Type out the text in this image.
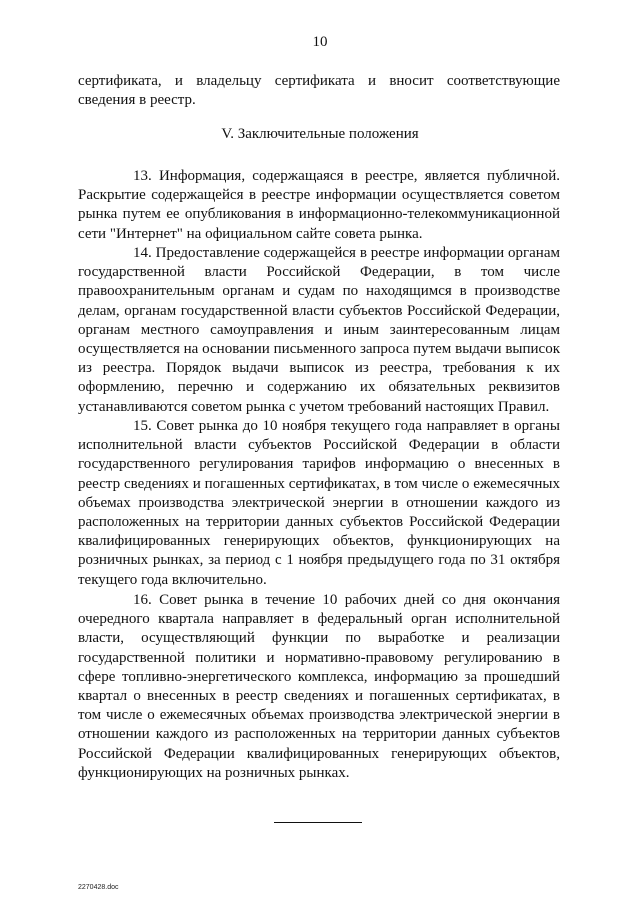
10
сертификата, и владельцу сертификата и вносит соответствующие
сведения в реестр.
V. Заключительные положения
13. Информация, содержащаяся в реестре, является публичной.
Раскрытие содержащейся в реестре информации осуществляется советом
рынка путем ее опубликования в информационно-телекоммуникационной
сети "Интернет" на официальном сайте совета рынка.
14. Предоставление содержащейся в реестре информации органам
государственной власти Российской Федерации, в том числе
правоохранительным органам и судам по находящимся в производстве
делам, органам государственной власти субъектов Российской Федерации,
органам местного самоуправления и иным заинтересованным лицам
осуществляется на основании письменного запроса путем выдачи выписок
из реестра. Порядок выдачи выписок из реестра, требования к их
оформлению, перечню и содержанию их обязательных реквизитов
устанавливаются советом рынка с учетом требований настоящих Правил.
15. Совет рынка до 10 ноября текущего года направляет в органы
исполнительной власти субъектов Российской Федерации в области
государственного регулирования тарифов информацию о внесенных в
реестр сведениях и погашенных сертификатах, в том числе о ежемесячных
объемах производства электрической энергии в отношении каждого из
расположенных на территории данных субъектов Российской Федерации
квалифицированных генерирующих объектов, функционирующих на
розничных рынках, за период с 1 ноября предыдущего года по 31 октября
текущего года включительно.
16. Совет рынка в течение 10 рабочих дней со дня окончания
очередного квартала направляет в федеральный орган исполнительной
власти, осуществляющий функции по выработке и реализации
государственной политики и нормативно-правовому регулированию в
сфере топливно-энергетического комплекса, информацию за прошедший
квартал о внесенных в реестр сведениях и погашенных сертификатах, в
том числе о ежемесячных объемах производства электрической энергии в
отношении каждого из расположенных на территории данных субъектов
Российской Федерации квалифицированных генерирующих объектов,
функционирующих на розничных рынках.
2270428.doc
